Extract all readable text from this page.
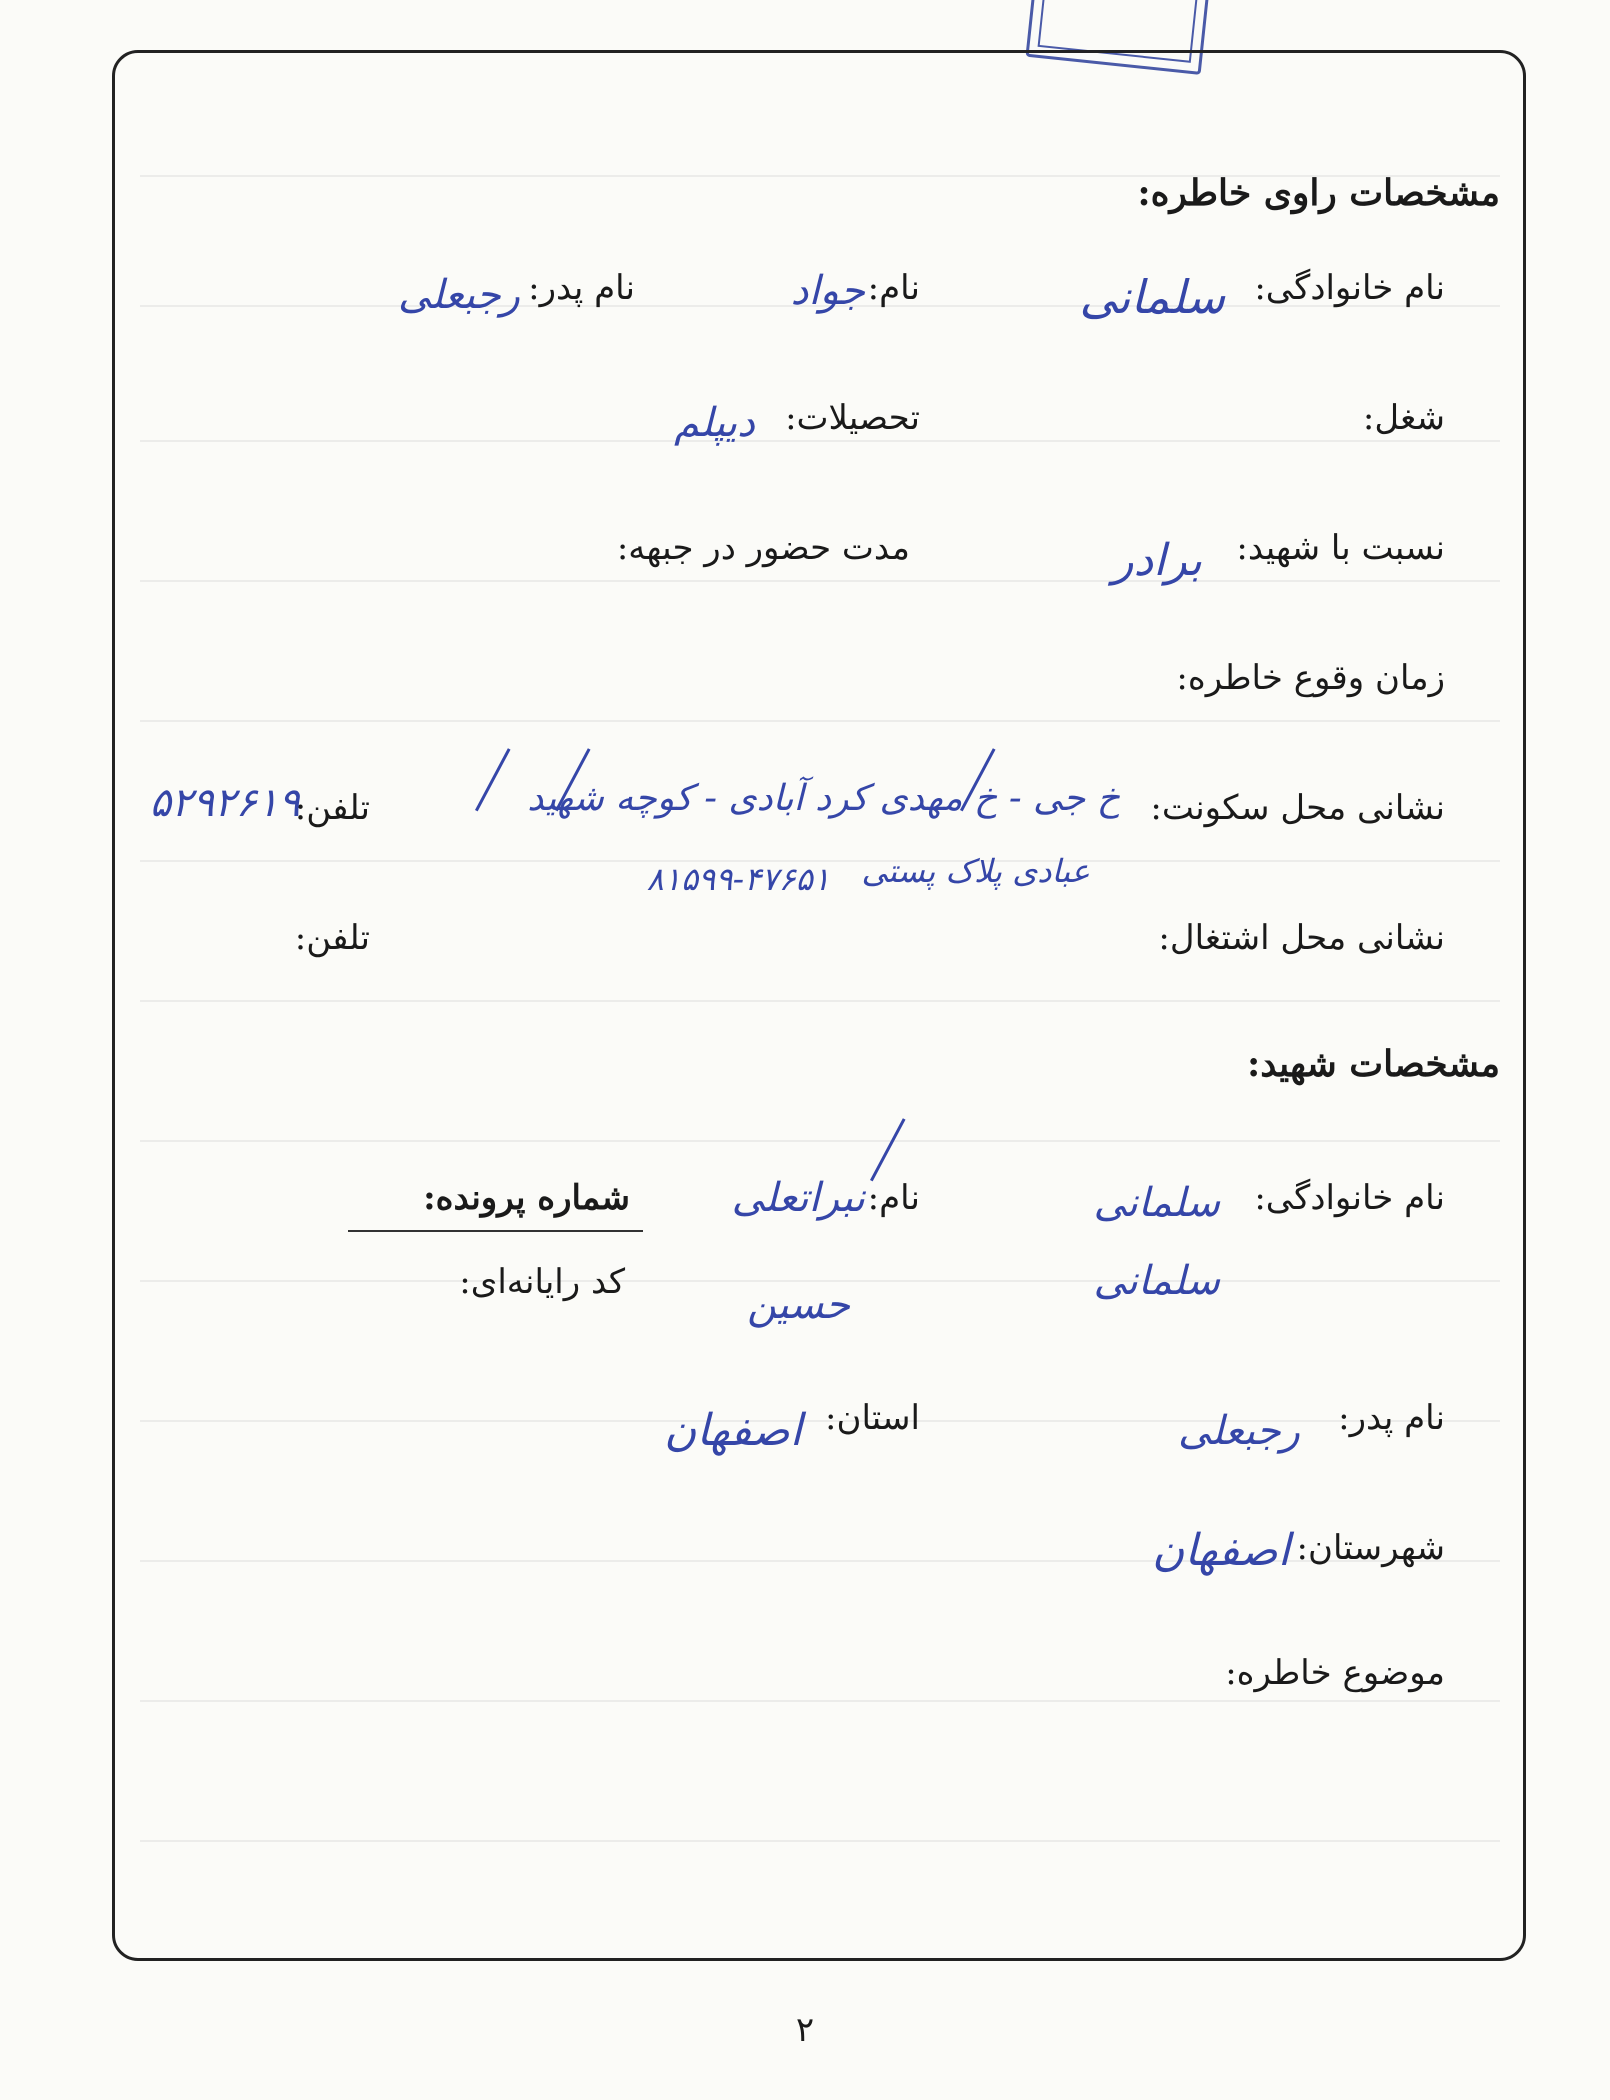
مشخصات راوی خاطره:
نام خانوادگی:
سلمانی
نام:
جواد
نام پدر:
رجبعلی
شغل:
تحصیلات:
دیپلم
نسبت با شهید:
برادر
مدت حضور در جبهه:
زمان وقوع خاطره:
نشانی محل سکونت:
خ جی - خ مهدی کرد آبادی - کوچه شهید
تلفن:
۵۲۹۲۶۱۹
عبادی پلاک پستی
۸۱۵۹۹-۴۷۶۵۱
نشانی محل اشتغال:
تلفن:
مشخصات شهید:
نام خانوادگی:
سلمانی
سلمانی
نام:
نبراتعلی
حسین
شماره پرونده:
کد رایانه‌ای:
نام پدر:
رجبعلی
استان:
اصفهان
شهرستان:
اصفهان
موضوع خاطره:
۲
